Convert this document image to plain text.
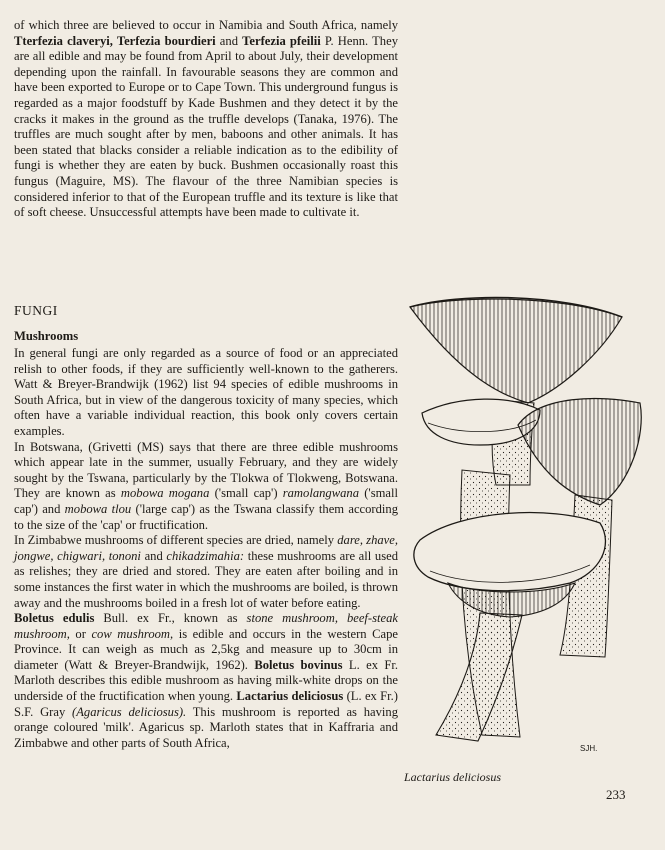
of which three are believed to occur in Namibia and South Africa, namely Tterfezia claveryi, Terfezia bourdieri and Terfezia pfeilii P. Henn. They are all edible and may be found from April to about July, their development depending upon the rainfall. In favourable seasons they are common and have been exported to Europe or to Cape Town. This underground fungus is regarded as a major foodstuff by Kade Bushmen and they detect it by the cracks it makes in the ground as the truffle develops (Tanaka, 1976). The truffles are much sought after by men, baboons and other animals. It has been stated that blacks consider a reliable indication as to the edibility of fungi is whether they are eaten by buck. Bushmen occasionally roast this fungus (Maguire, MS). The flavour of the three Namibian species is considered inferior to that of the European truffle and its texture is like that of soft cheese. Unsuccessful attempts have been made to cultivate it.

FUNGI
Mushrooms

In general fungi are only regarded as a source of food or an appreciated relish to other foods, if they are sufficiently well-known to the gatherers. Watt & Breyer-Brandwijk (1962) list 94 species of edible mushrooms in South Africa, but in view of the dangerous toxicity of many species, which often have a variable individual reaction, this book only covers certain examples.

In Botswana, (Grivetti (MS) says that there are three edible mushrooms which appear late in the summer, usually February, and they are widely sought by the Tswana, particularly by the Tlokwa of Tlokweng, Botswana. They are known as mobowa mogana ('small cap') ramolangwana ('small cap') and mobowa tlou ('large cap') as the Tswana classify them according to the size of the 'cap' or fructification.

In Zimbabwe mushrooms of different species are dried, namely dare, zhave, jongwe, chigwari, tononi and chikadzimahia: these mushrooms are all used as relishes; they are dried and stored. They are eaten after boiling and in some instances the first water in which the mushrooms are boiled, is thrown away and the mushrooms boiled in a fresh lot of water before eating.

Boletus edulis Bull. ex Fr., known as stone mushroom, beef-steak mushroom, or cow mushroom, is edible and occurs in the western Cape Province. It can weigh as much as 2,5kg and measure up to 30cm in diameter (Watt & Breyer-Brandwijk, 1962). Boletus bovinus L. ex Fr. Marloth describes this edible mushroom as having milk-white drops on the underside of the fructification when young. Lactarius deliciosus (L. ex Fr.) S.F. Gray (Agaricus deliciosus). This mushroom is reported as having orange coloured 'milk'. Agaricus sp. Marloth states that in Kaffraria and Zimbabwe and other parts of South Africa,	SJH.
Lactarius deliciosus
233
